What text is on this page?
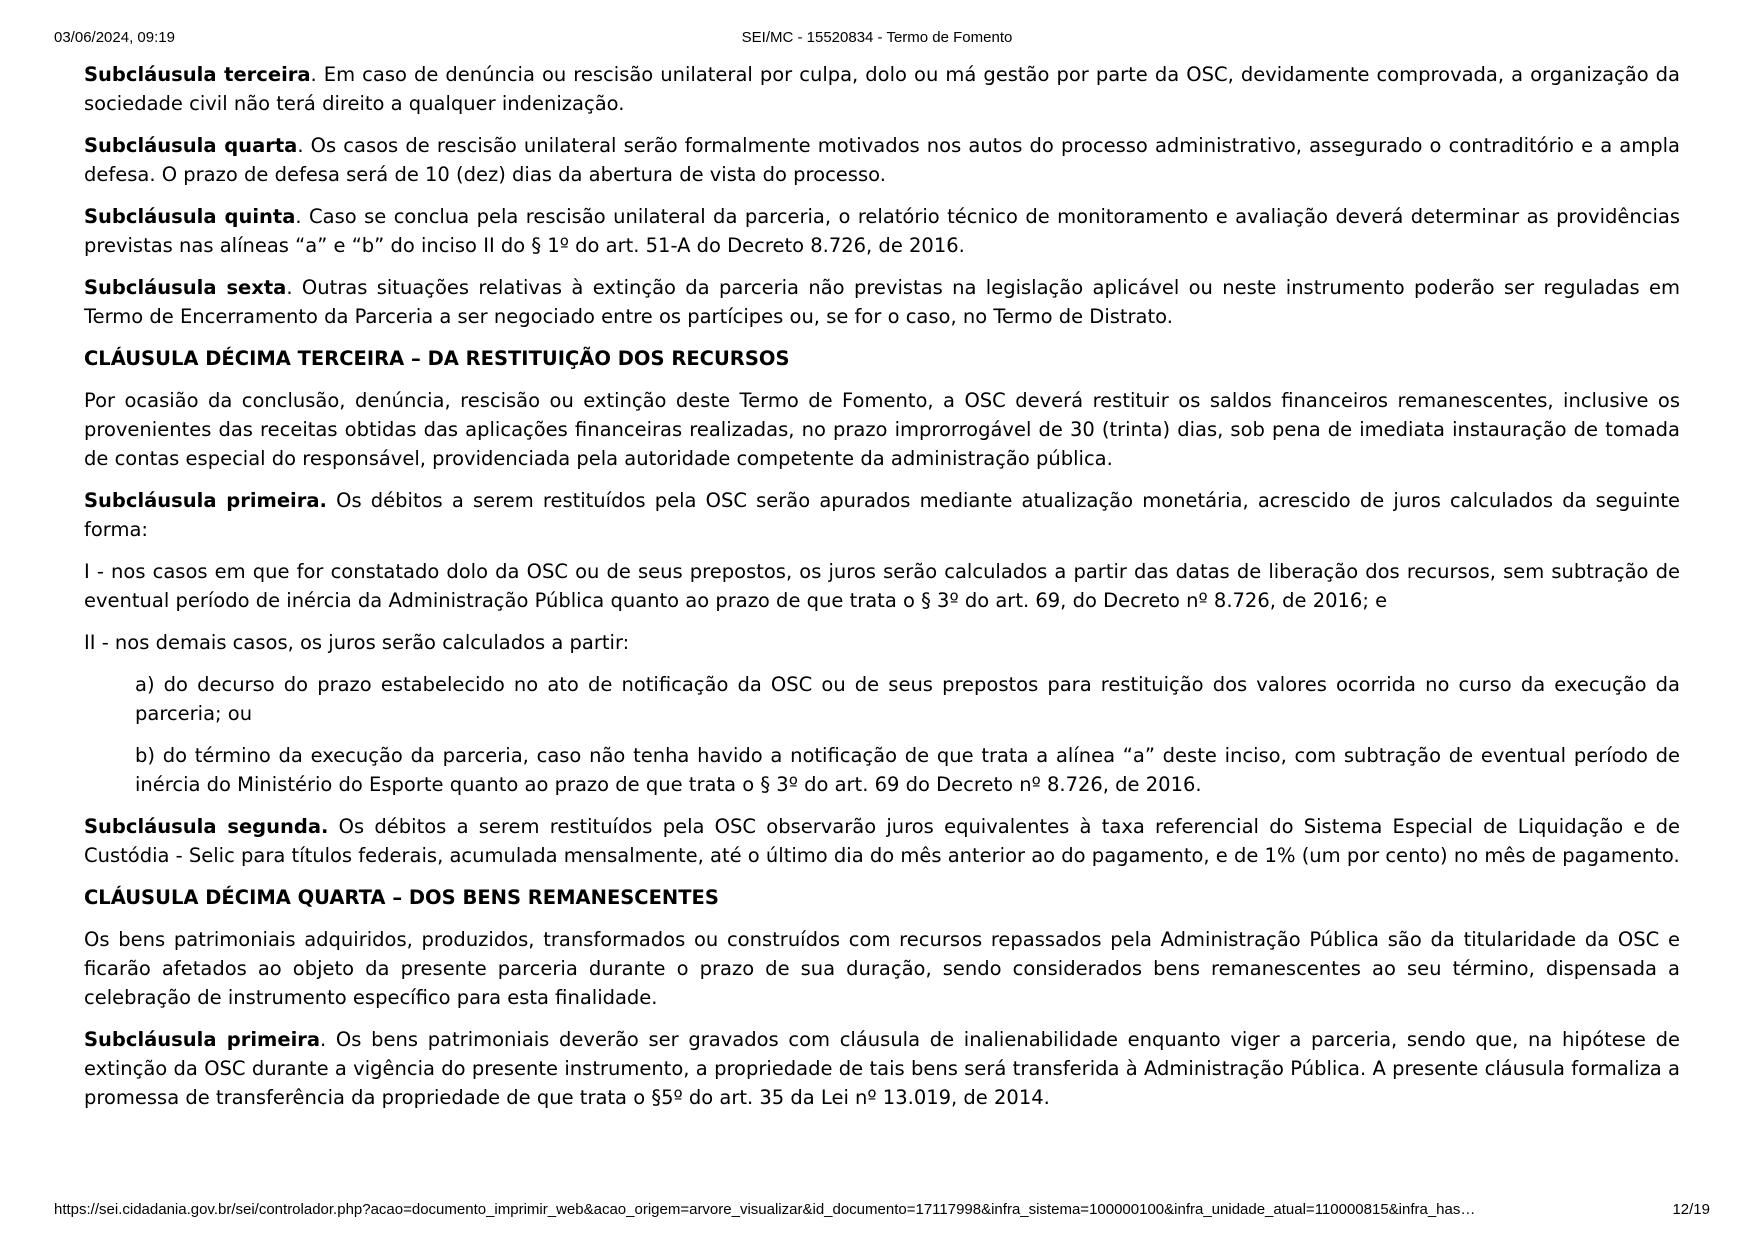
03/06/2024, 09:19	SEI/MC - 15520834 - Termo de Fomento

Subcláusula terceira. Em caso de denúncia ou rescisão unilateral por culpa, dolo ou má gestão por parte da OSC, devidamente comprovada, a organização da sociedade civil não terá direito a qualquer indenização.

Subcláusula quarta. Os casos de rescisão unilateral serão formalmente motivados nos autos do processo administrativo, assegurado o contraditório e a ampla defesa. O prazo de defesa será de 10 (dez) dias da abertura de vista do processo.

Subcláusula quinta. Caso se conclua pela rescisão unilateral da parceria, o relatório técnico de monitoramento e avaliação deverá determinar as providências previstas nas alíneas “a” e “b” do inciso II do § 1º do art. 51-A do Decreto 8.726, de 2016.

Subcláusula sexta. Outras situações relativas à extinção da parceria não previstas na legislação aplicável ou neste instrumento poderão ser reguladas em Termo de Encerramento da Parceria a ser negociado entre os partícipes ou, se for o caso, no Termo de Distrato.

CLÁUSULA DÉCIMA TERCEIRA – DA RESTITUIÇÃO DOS RECURSOS

Por ocasião da conclusão, denúncia, rescisão ou extinção deste Termo de Fomento, a OSC deverá restituir os saldos financeiros remanescentes, inclusive os provenientes das receitas obtidas das aplicações financeiras realizadas, no prazo improrrogável de 30 (trinta) dias, sob pena de imediata instauração de tomada de contas especial do responsável, providenciada pela autoridade competente da administração pública.

Subcláusula primeira. Os débitos a serem restituídos pela OSC serão apurados mediante atualização monetária, acrescido de juros calculados da seguinte forma:

I - nos casos em que for constatado dolo da OSC ou de seus prepostos, os juros serão calculados a partir das datas de liberação dos recursos, sem subtração de eventual período de inércia da Administração Pública quanto ao prazo de que trata o § 3º do art. 69, do Decreto nº 8.726, de 2016; e

II - nos demais casos, os juros serão calculados a partir:

a) do decurso do prazo estabelecido no ato de notificação da OSC ou de seus prepostos para restituição dos valores ocorrida no curso da execução da parceria; ou

b) do término da execução da parceria, caso não tenha havido a notificação de que trata a alínea “a” deste inciso, com subtração de eventual período de inércia do Ministério do Esporte quanto ao prazo de que trata o § 3º do art. 69 do Decreto nº 8.726, de 2016.

Subcláusula segunda. Os débitos a serem restituídos pela OSC observarão juros equivalentes à taxa referencial do Sistema Especial de Liquidação e de Custódia - Selic para títulos federais, acumulada mensalmente, até o último dia do mês anterior ao do pagamento, e de 1% (um por cento) no mês de pagamento.

CLÁUSULA DÉCIMA QUARTA – DOS BENS REMANESCENTES

Os bens patrimoniais adquiridos, produzidos, transformados ou construídos com recursos repassados pela Administração Pública são da titularidade da OSC e ficarão afetados ao objeto da presente parceria durante o prazo de sua duração, sendo considerados bens remanescentes ao seu término, dispensada a celebração de instrumento específico para esta finalidade.

Subcláusula primeira. Os bens patrimoniais deverão ser gravados com cláusula de inalienabilidade enquanto viger a parceria, sendo que, na hipótese de extinção da OSC durante a vigência do presente instrumento, a propriedade de tais bens será transferida à Administração Pública. A presente cláusula formaliza a promessa de transferência da propriedade de que trata o §5º do art. 35 da Lei nº 13.019, de 2014.

https://sei.cidadania.gov.br/sei/controlador.php?acao=documento_imprimir_web&acao_origem=arvore_visualizar&id_documento=17117998&infra_sistema=100000100&infra_unidade_atual=110000815&infra_has…	12/19
